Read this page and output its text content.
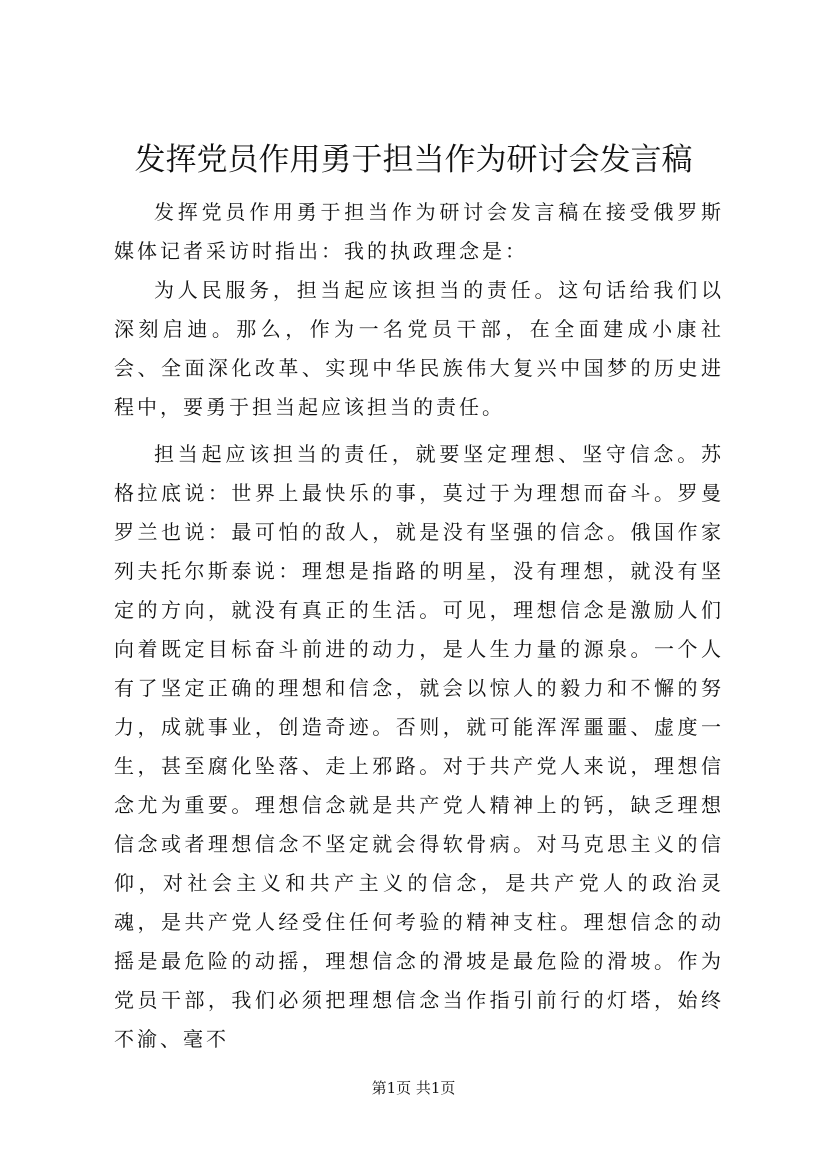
发挥党员作用勇于担当作为研讨会发言稿

发挥党员作用勇于担当作为研讨会发言稿在接受俄罗斯媒体记者采访时指出：我的执政理念是：

为人民服务，担当起应该担当的责任。这句话给我们以深刻启迪。那么，作为一名党员干部，在全面建成小康社会、全面深化改革、实现中华民族伟大复兴中国梦的历史进程中，要勇于担当起应该担当的责任。

担当起应该担当的责任，就要坚定理想、坚守信念。苏格拉底说：世界上最快乐的事，莫过于为理想而奋斗。罗曼罗兰也说：最可怕的敌人，就是没有坚强的信念。俄国作家列夫托尔斯泰说：理想是指路的明星，没有理想，就没有坚定的方向，就没有真正的生活。可见，理想信念是激励人们向着既定目标奋斗前进的动力，是人生力量的源泉。一个人有了坚定正确的理想和信念，就会以惊人的毅力和不懈的努力，成就事业，创造奇迹。否则，就可能浑浑噩噩、虚度一生，甚至腐化坠落、走上邪路。对于共产党人来说，理想信念尤为重要。理想信念就是共产党人精神上的钙，缺乏理想信念或者理想信念不坚定就会得软骨病。对马克思主义的信仰，对社会主义和共产主义的信念，是共产党人的政治灵魂，是共产党人经受住任何考验的精神支柱。理想信念的动摇是最危险的动摇，理想信念的滑坡是最危险的滑坡。作为党员干部，我们必须把理想信念当作指引前行的灯塔，始终不渝、毫不

第1页 共1页
